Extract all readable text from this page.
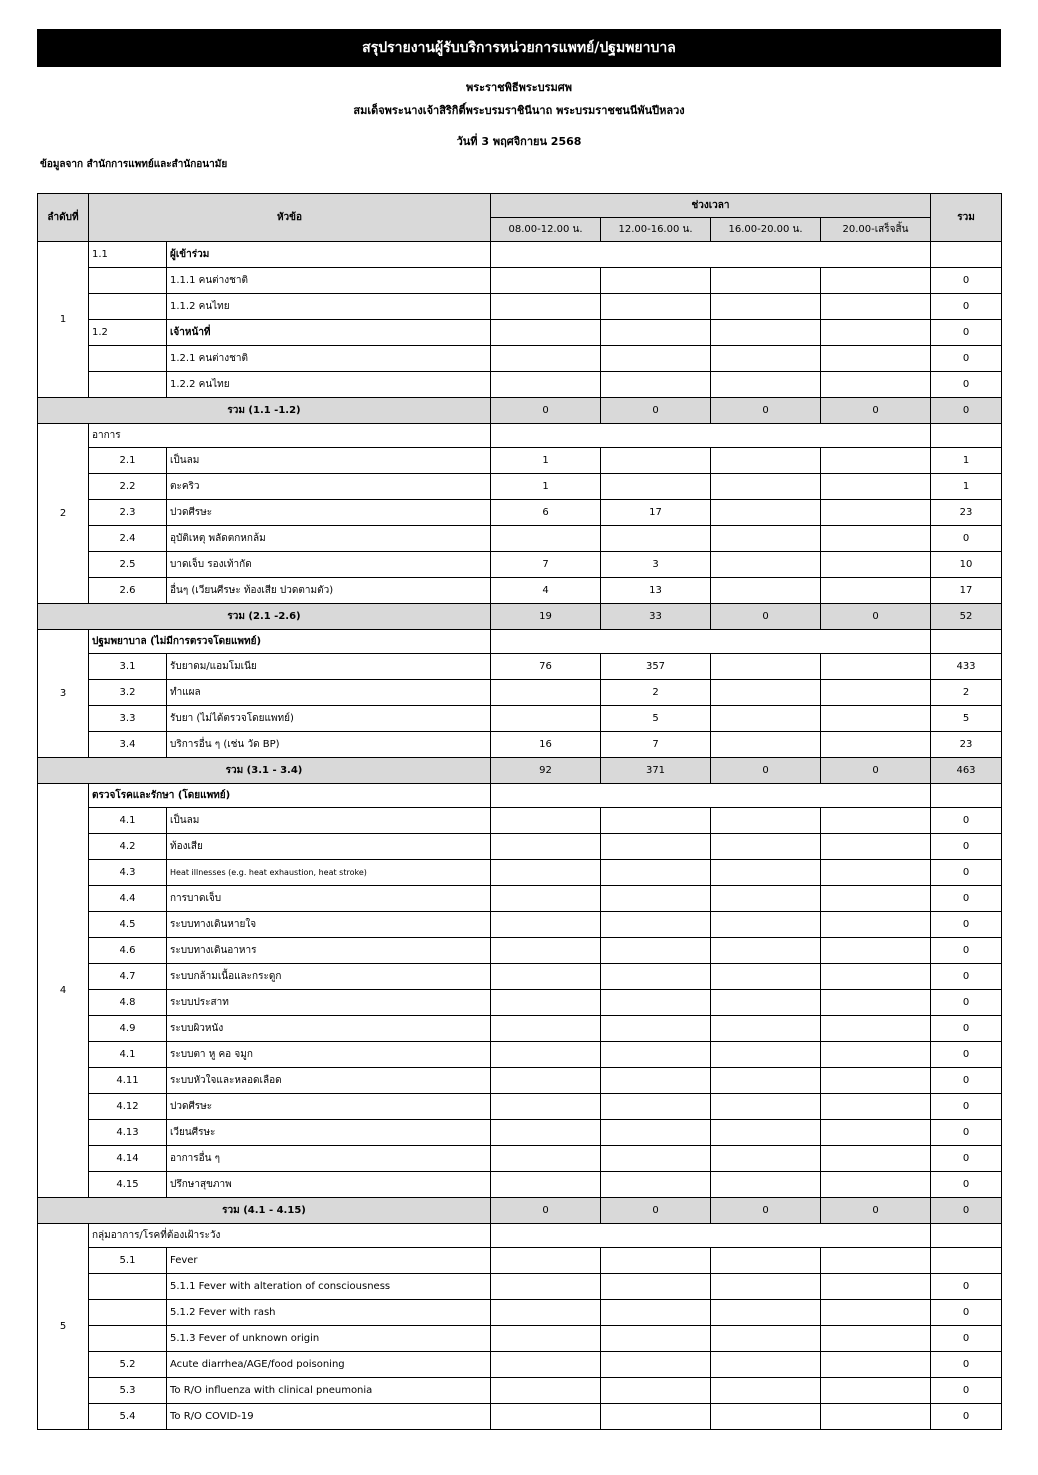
สรุปรายงานผู้รับบริการหน่วยการแพทย์/ปฐมพยาบาล
พระราชพิธีพระบรมศพ
สมเด็จพระนางเจ้าสิริกิติ์พระบรมราชินีนาถ พระบรมราชชนนีพันปีหลวง
วันที่ 3 พฤศจิกายน 2568
ข้อมูลจาก สำนักการแพทย์และสำนักอนามัย
ลำดับที่	หัวข้อ		ช่วงเวลา				รวม
			08.00-12.00 น.	12.00-16.00 น.	16.00-20.00 น.	20.00-เสร็จสิ้น	
1	1.1	ผู้เข้าร่วม					
		1.1.1 คนต่างชาติ					0
		1.1.2 คนไทย					0
	1.2	เจ้าหน้าที่					0
		1.2.1 คนต่างชาติ					0
		1.2.2 คนไทย					0
รวม (1.1 -1.2)			0	0	0	0	0
2	อาการ						
	2.1	เป็นลม	1				1
	2.2	ตะคริว	1				1
	2.3	ปวดศีรษะ	6	17			23
	2.4	อุบัติเหตุ พลัดตกหกล้ม					0
	2.5	บาดเจ็บ รองเท้ากัด	7	3			10
	2.6	อื่นๆ (เวียนศีรษะ ท้องเสีย ปวดตามตัว)	4	13			17
รวม (2.1 -2.6)			19	33	0	0	52
3	ปฐมพยาบาล (ไม่มีการตรวจโดยแพทย์)						
	3.1	รับยาดม/แอมโมเนีย	76	357			433
	3.2	ทำแผล		2			2
	3.3	รับยา (ไม่ได้ตรวจโดยแพทย์)		5			5
	3.4	บริการอื่น ๆ (เช่น วัด BP)	16	7			23
รวม (3.1 - 3.4)			92	371	0	0	463
4	ตรวจโรคและรักษา (โดยแพทย์)						
	4.1	เป็นลม					0
	4.2	ท้องเสีย					0
	4.3	Heat illnesses (e.g. heat exhaustion, heat stroke)					0
	4.4	การบาดเจ็บ					0
	4.5	ระบบทางเดินหายใจ					0
	4.6	ระบบทางเดินอาหาร					0
	4.7	ระบบกล้ามเนื้อและกระดูก					0
	4.8	ระบบประสาท					0
	4.9	ระบบผิวหนัง					0
	4.1	ระบบตา หู คอ จมูก					0
	4.11	ระบบหัวใจและหลอดเลือด					0
	4.12	ปวดศีรษะ					0
	4.13	เวียนศีรษะ					0
	4.14	อาการอื่น ๆ					0
	4.15	ปรึกษาสุขภาพ					0
รวม (4.1 - 4.15)			0	0	0	0	0
5	กลุ่มอาการ/โรคที่ต้องเฝ้าระวัง						
	5.1	Fever					
		5.1.1 Fever with alteration of consciousness					0
		5.1.2 Fever with rash					0
		5.1.3 Fever of unknown origin					0
	5.2	Acute diarrhea/AGE/food poisoning					0
	5.3	To R/O influenza with clinical pneumonia					0
	5.4	To R/O COVID-19					0
